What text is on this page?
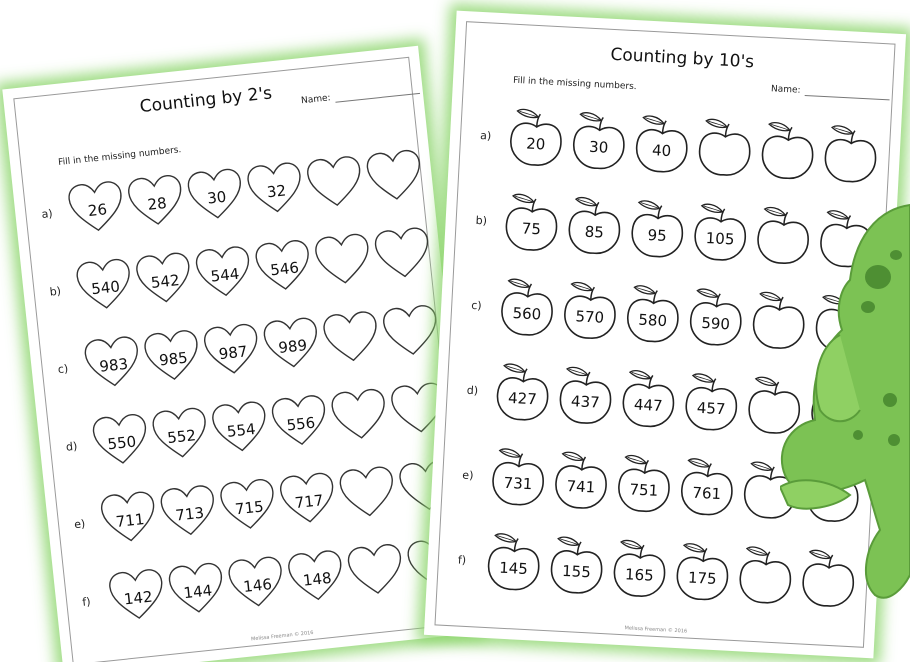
Counting by 2's	Name:
Fill in the missing numbers.
a)	26	28	30	32
b)	540 542 544 546
c)	983 985 987 989
d)	550 552 554 556
e)	711 713 715 717
f)	142 144 146 148
Melissa Freeman © 2016
Counting by 10's
Name:
Fill in the missing numbers.
a)	20	30	40
b)	75	85	95	105
c)	560 570 580 590
d)	427 437 447 457
e)	731 741 751 761
f)	145 155 165 175
Melissa Freeman © 2016
